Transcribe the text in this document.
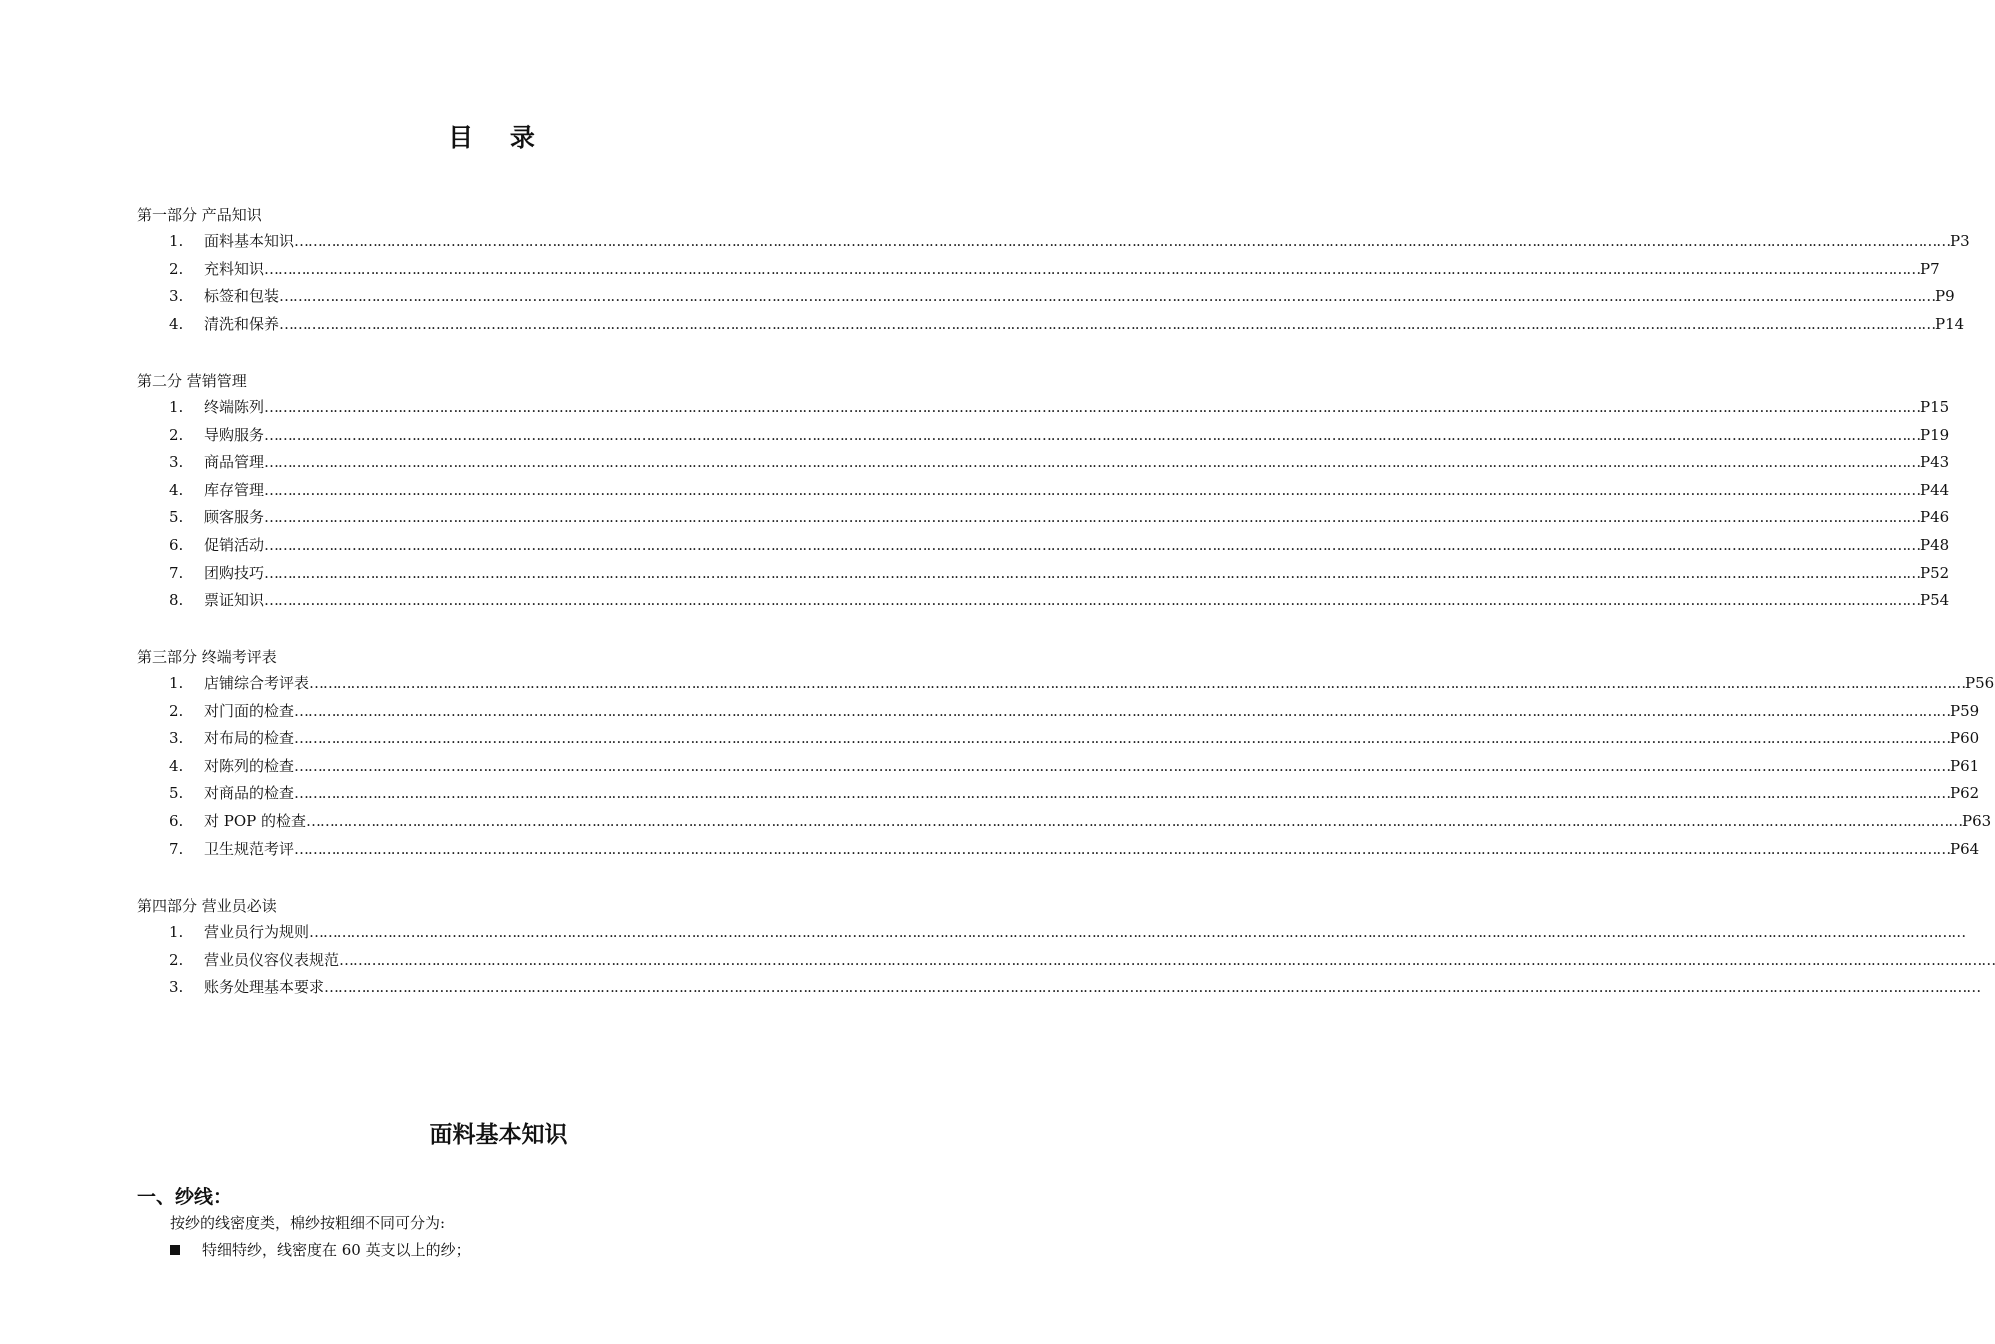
目 录
第一部分 产品知识
1. 面料基本知识 ……………………………………………………………………………………………………………………………………………………………………………………………………………………………………………………………………………………………………………………………… P3
2. 充料知识 ……………………………………………………………………………………………………………………………………………………………………………………………………………………………………………………………………………………………………………………………… P7
3. 标签和包装 ……………………………………………………………………………………………………………………………………………………………………………………………………………………………………………………………………………………………………………………………… P9
4. 清洗和保养 ……………………………………………………………………………………………………………………………………………………………………………………………………………………………………………………………………………………………………………………………… P14
第二分 营销管理
1. 终端陈列 ……………………………………………………………………………………………………………………………………………………………………………………………………………………………………………………………………………………………………………………………… P15
2. 导购服务 ……………………………………………………………………………………………………………………………………………………………………………………………………………………………………………………………………………………………………………………………… P19
3. 商品管理 ……………………………………………………………………………………………………………………………………………………………………………………………………………………………………………………………………………………………………………………………… P43
4. 库存管理 ……………………………………………………………………………………………………………………………………………………………………………………………………………………………………………………………………………………………………………………………… P44
5. 顾客服务 ……………………………………………………………………………………………………………………………………………………………………………………………………………………………………………………………………………………………………………………………… P46
6. 促销活动 ……………………………………………………………………………………………………………………………………………………………………………………………………………………………………………………………………………………………………………………………… P48
7. 团购技巧 ……………………………………………………………………………………………………………………………………………………………………………………………………………………………………………………………………………………………………………………………… P52
8. 票证知识 ……………………………………………………………………………………………………………………………………………………………………………………………………………………………………………………………………………………………………………………………… P54
第三部分 终端考评表
1. 店铺综合考评表 ……………………………………………………………………………………………………………………………………………………………………………………………………………………………………………………………………………………………………………………………… P56
2. 对门面的检查 ……………………………………………………………………………………………………………………………………………………………………………………………………………………………………………………………………………………………………………………………… P59
3. 对布局的检查 ……………………………………………………………………………………………………………………………………………………………………………………………………………………………………………………………………………………………………………………………… P60
4. 对陈列的检查 ……………………………………………………………………………………………………………………………………………………………………………………………………………………………………………………………………………………………………………………………… P61
5. 对商品的检查 ……………………………………………………………………………………………………………………………………………………………………………………………………………………………………………………………………………………………………………………………… P62
6. 对 POP 的检查 ……………………………………………………………………………………………………………………………………………………………………………………………………………………………………………………………………………………………………………………………… P63
7. 卫生规范考评 ……………………………………………………………………………………………………………………………………………………………………………………………………………………………………………………………………………………………………………………………… P64
第四部分 营业员必读
1. 营业员行为规则 ………………………………………………………………………………………………………………………………………………………………………………………………………………………………………………………………………………………………………………………………
2. 营业员仪容仪表规范 ………………………………………………………………………………………………………………………………………………………………………………………………………………………………………………………………………………………………………………………………
3. 账务处理基本要求 ………………………………………………………………………………………………………………………………………………………………………………………………………………………………………………………………………………………………………………………………
面料基本知识
一、纱线：
按纱的线密度类，棉纱按粗细不同可分为:
特细特纱，线密度在 60 英支以上的纱；
